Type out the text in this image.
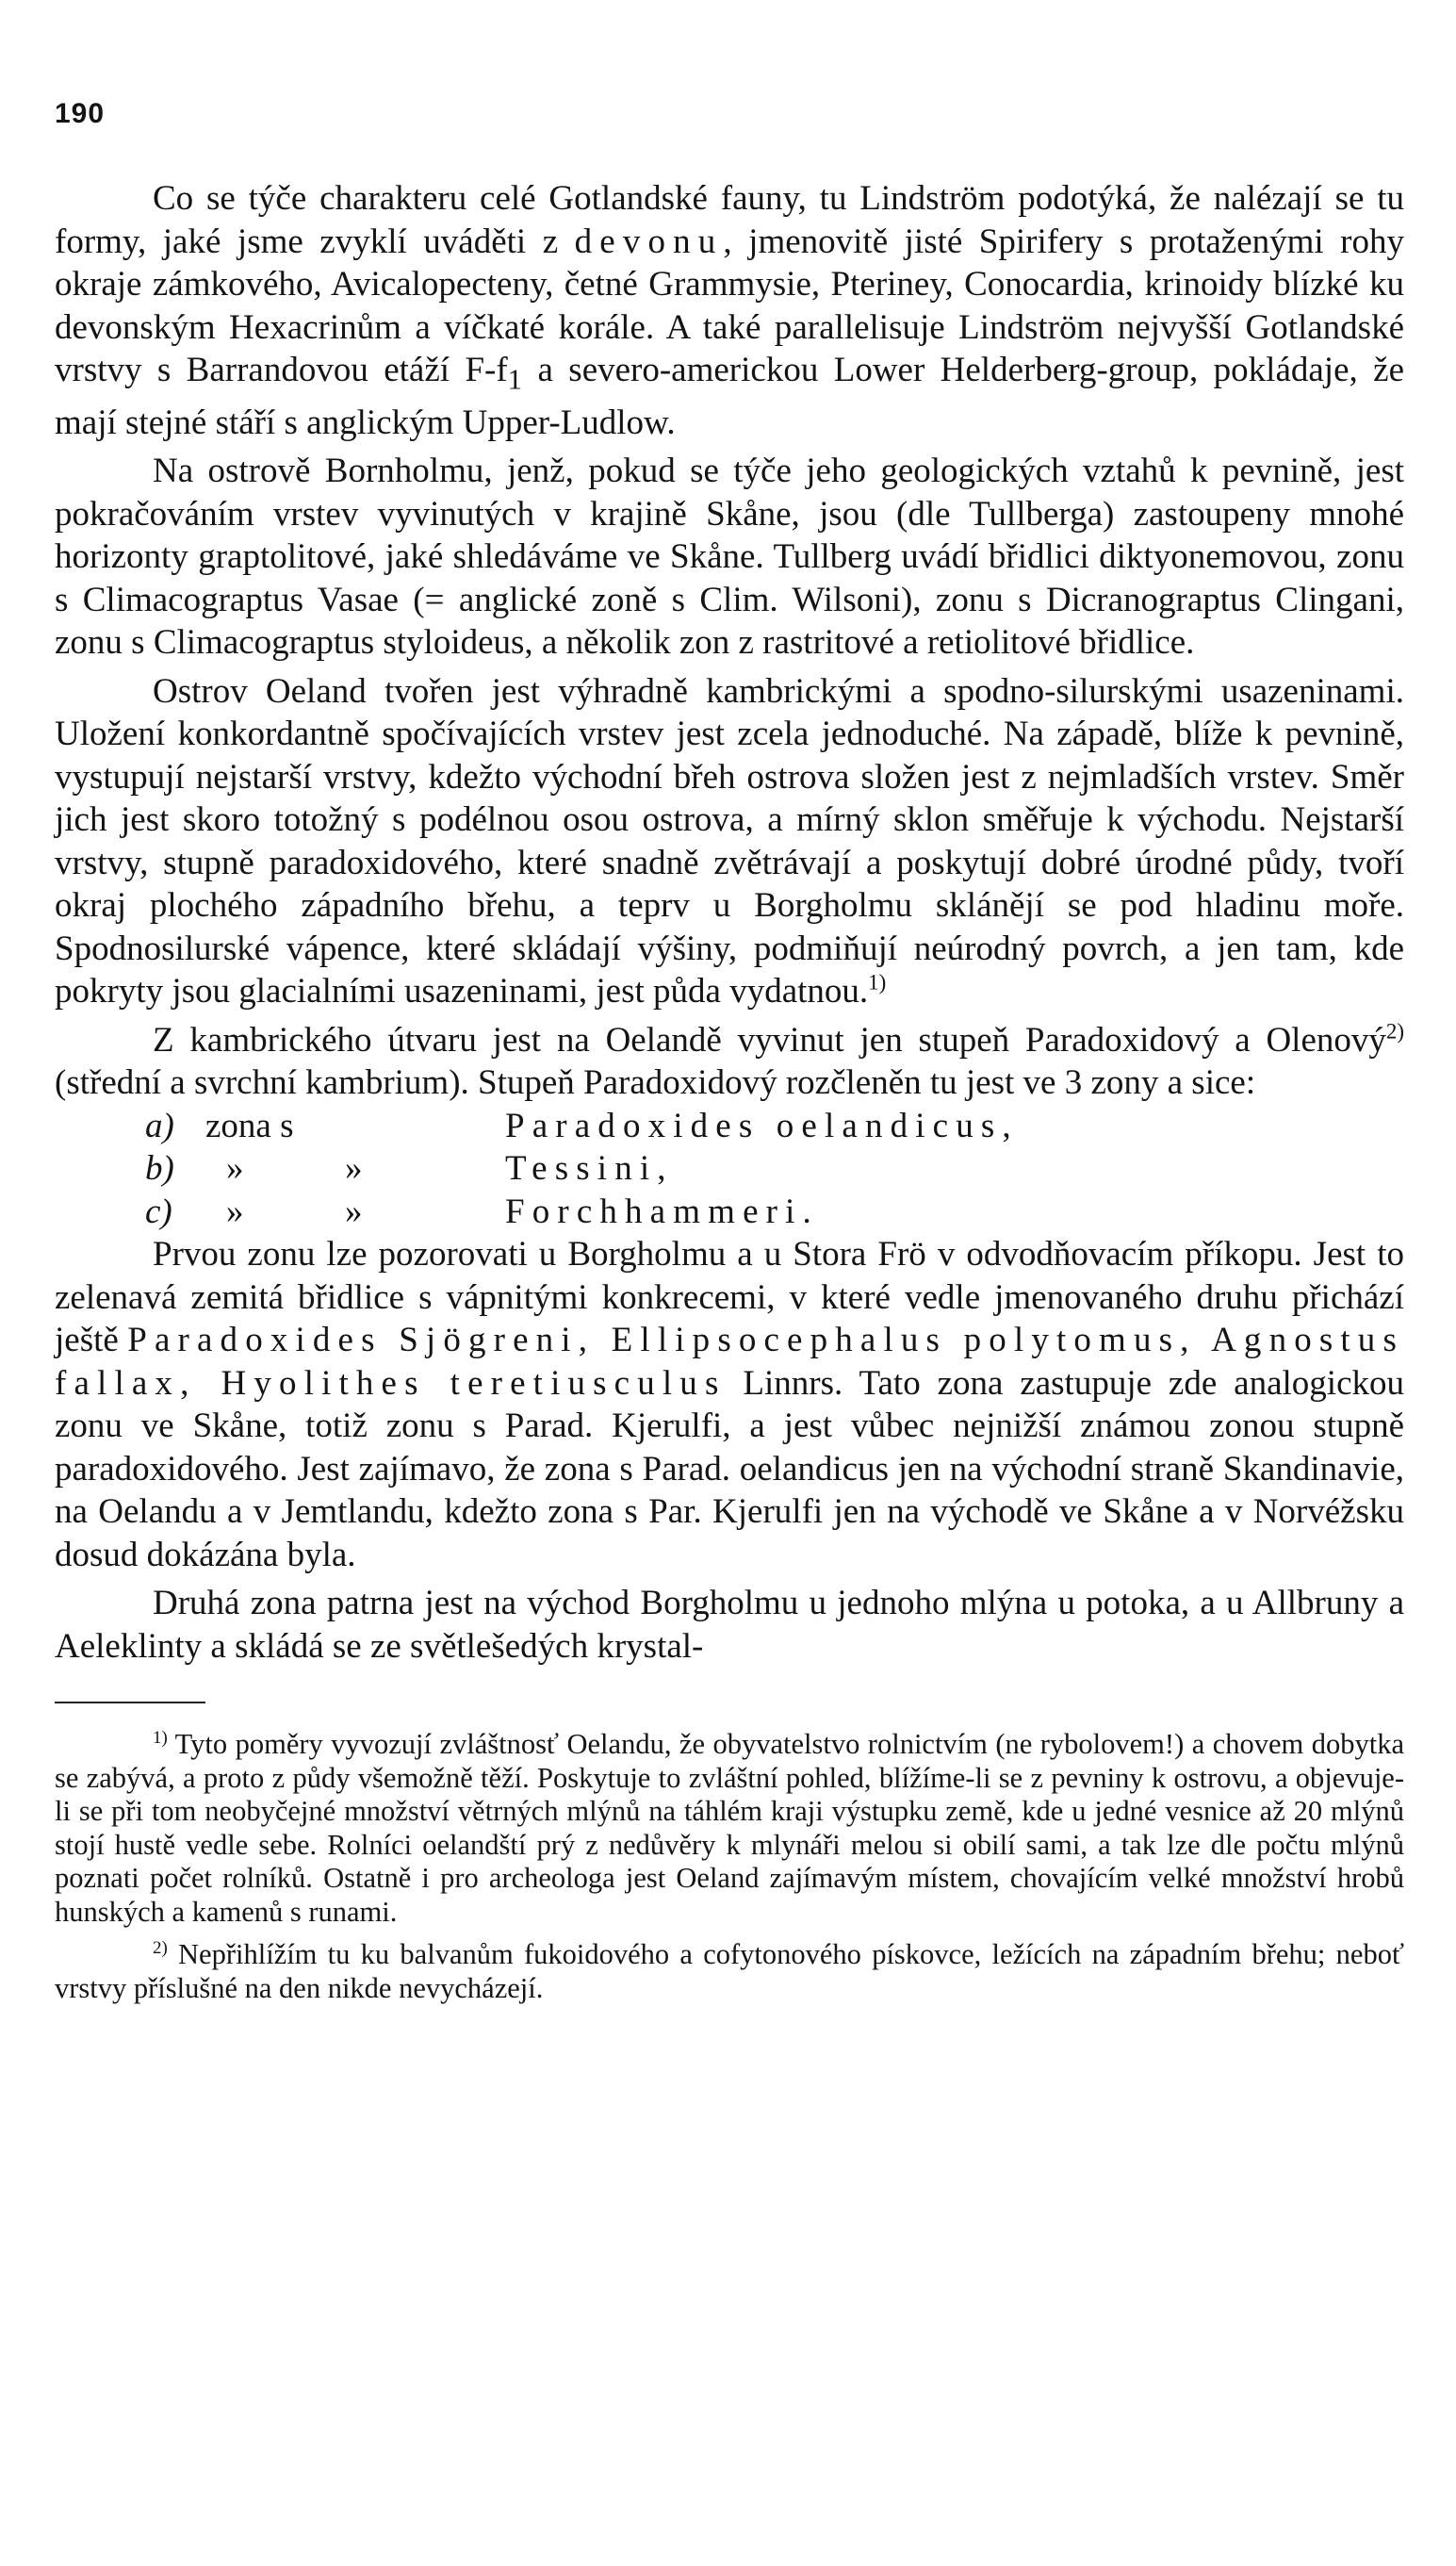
190

Co se týče charakteru celé Gotlandské fauny, tu Lindström podotýká, že nalézají se tu formy, jaké jsme zvyklí uváděti z devonu, jmenovitě jisté Spirifery s protaženými rohy okraje zámkového, Avicalopecteny, četné Grammysie, Pteriney, Conocardia, krinoidy blízké ku devonským Hexacrinům a víčkaté korále. A také parallelisuje Lindström nejvyšší Gotlandské vrstvy s Barrandovou etáží $F-f_1$ a severo-americkou Lower Helderberg-group, pokládaje, že mají stejné stáří s anglickým Upper-Ludlow.

Na ostrově Bornholmu, jenž, pokud se týče jeho geologických vztahů k pevnině, jest pokračováním vrstev vyvinutých v krajině Skåne, jsou (dle Tullberga) zastoupeny mnohé horizonty graptolitové, jaké shledáváme ve Skåne. Tullberg uvádí břidlici diktyonemovou, zonu s Climacograptus Vasae (= anglické zoně s Clim. Wilsoni), zonu s Dicranograptus Clingani, zonu s Climacograptus styloideus, a několik zon z rastritové a retiolitové břidlice.

Ostrov Oeland tvořen jest výhradně kambrickými a spodno-silurskými usazeninami. Uložení konkordantně spočívajících vrstev jest zcela jednoduché. Na západě, blíže k pevnině, vystupují nejstarší vrstvy, kdežto východní břeh ostrova složen jest z nejmladších vrstev. Směr jich jest skoro totožný s podélnou osou ostrova, a mírný sklon směřuje k východu. Nejstarší vrstvy, stupně paradoxidového, které snadně zvětrávají a poskytují dobré úrodné půdy, tvoří okraj plochého západního břehu, a teprv u Borgholmu sklánějí se pod hladinu moře. Spodnosilurské vápence, které skládají výšiny, podmiňují neúrodný povrch, a jen tam, kde pokryty jsou glacialními usazeninami, jest půda vydatnou.$^{1)}$

Z kambrického útvaru jest na Oelandě vyvinut jen stupeň Paradoxidový a Olenový$^{2)}$ (střední a svrchní kambrium). Stupeň Paradoxidový rozčleněn tu jest ve 3 zony a sice:

a) zona s	Paradoxides oelandicus,
b)	»	»	Tessini,
c)	»	»	Forchhammeri.

Prvou zonu lze pozorovati u Borgholmu a u Stora Frö v odvodňovacím příkopu. Jest to zelenavá zemitá břidlice s vápnitými konkrecemi, v které vedle jmenovaného druhu přichází ještě Paradoxides Sjögreni, Ellipsocephalus polytomus, Agnostus fallax, Hyolithes teretiusculus Linnrs. Tato zona zastupuje zde analogickou zonu ve Skåne, totiž zonu s Parad. Kjerulfi, a jest vůbec nejnižší známou zonou stupně paradoxidového. Jest zajímavo, že zona s Parad. oelandicus jen na východní straně Skandinavie, na Oelandu a v Jemtlandu, kdežto zona s Par. Kjerulfi jen na východě ve Skåne a v Norvéžsku dosud dokázána byla.

Druhá zona patrna jest na východ Borgholmu u jednoho mlýna u potoka, a u Allbruny a Aeleklinty a skládá se ze světlešedých krystal-

$^{1)}$ Tyto poměry vyvozují zvláštnosť Oelandu, že obyvatelstvo rolnictvím (ne rybolovem!) a chovem dobytka se zabývá, a proto z půdy všemožně těží. Poskytuje to zvláštní pohled, blížíme-li se z pevniny k ostrovu, a objevuje-li se při tom neobyčejné množství větrných mlýnů na táhlém kraji výstupku země, kde u jedné vesnice až 20 mlýnů stojí hustě vedle sebe. Rolníci oelandští prý z nedůvěry k mlynáři melou si obilí sami, a tak lze dle počtu mlýnů poznati počet rolníků. Ostatně i pro archeologa jest Oeland zajímavým místem, chovajícím velké množství hrobů hunských a kamenů s runami.

$^{2)}$ Nepřihlížím tu ku balvanům fukoidového a cofytonového pískovce, ležících na západním břehu; neboť vrstvy příslušné na den nikde nevycházejí.
